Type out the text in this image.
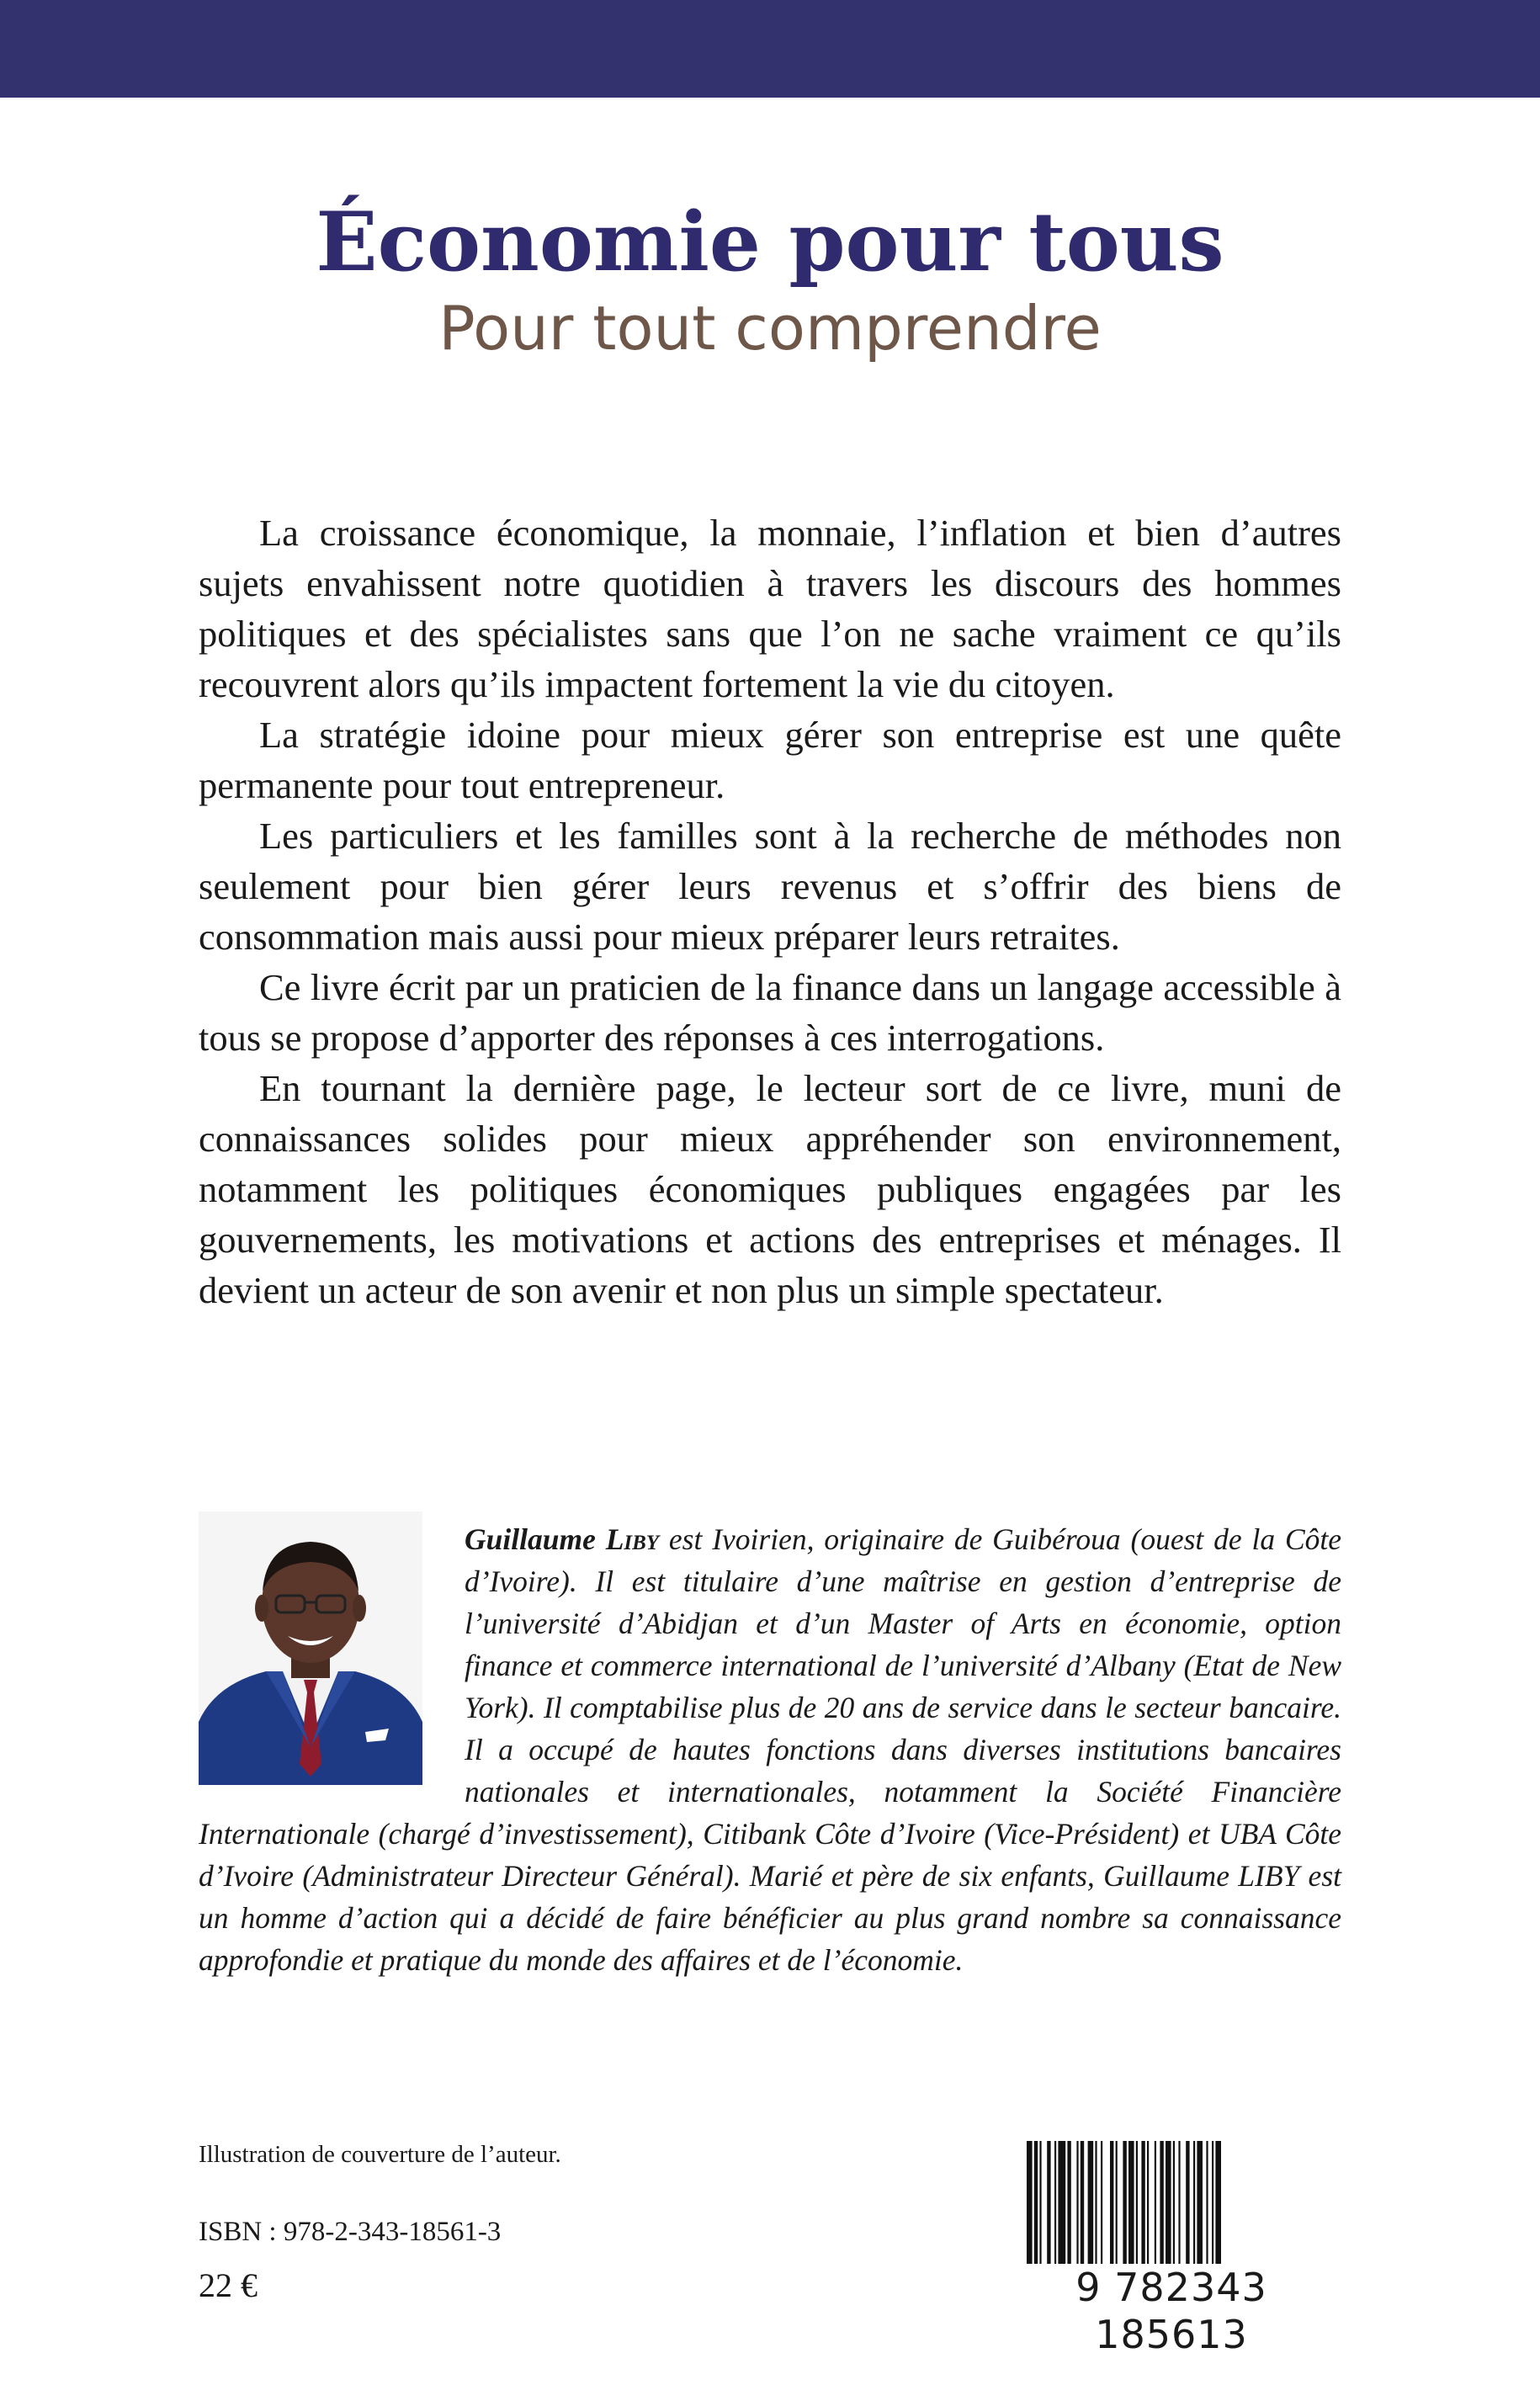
Économie pour tous
Pour tout comprendre

La croissance économique, la monnaie, l’inflation et bien d’autres sujets envahissent notre quotidien à travers les discours des hommes politiques et des spécialistes sans que l’on ne sache vraiment ce qu’ils recouvrent alors qu’ils impactent fortement la vie du citoyen.

La stratégie idoine pour mieux gérer son entreprise est une quête permanente pour tout entrepreneur.

Les particuliers et les familles sont à la recherche de méthodes non seulement pour bien gérer leurs revenus et s’offrir des biens de consommation mais aussi pour mieux préparer leurs retraites.

Ce livre écrit par un praticien de la finance dans un langage accessible à tous se propose d’apporter des réponses à ces interrogations.

En tournant la dernière page, le lecteur sort de ce livre, muni de connaissances solides pour mieux appréhender son environnement, notamment les politiques économiques publiques engagées par les gouvernements, les motivations et actions des entreprises et ménages. Il devient un acteur de son avenir et non plus un simple spectateur.

Guillaume Liby est Ivoirien, originaire de Guibéroua (ouest de la Côte d’Ivoire). Il est titulaire d’une maîtrise en gestion d’entreprise de l’université d’Abidjan et d’un Master of Arts en économie, option finance et commerce international de l’université d’Albany (Etat de New York). Il comptabilise plus de 20 ans de service dans le secteur bancaire. Il a occupé de hautes fonctions dans diverses institutions bancaires nationales et internationales, notamment la Société Financière Internationale (chargé d’investissement), Citibank Côte d’Ivoire (Vice-Président) et UBA Côte d’Ivoire (Administrateur Directeur Général). Marié et père de six enfants, Guillaume LIBY est un homme d’action qui a décidé de faire bénéficier au plus grand nombre sa connaissance approfondie et pratique du monde des affaires et de l’économie.

Illustration de couverture de l’auteur.

ISBN : 978-2-343-18561-3

22 €	9 782343 185613
